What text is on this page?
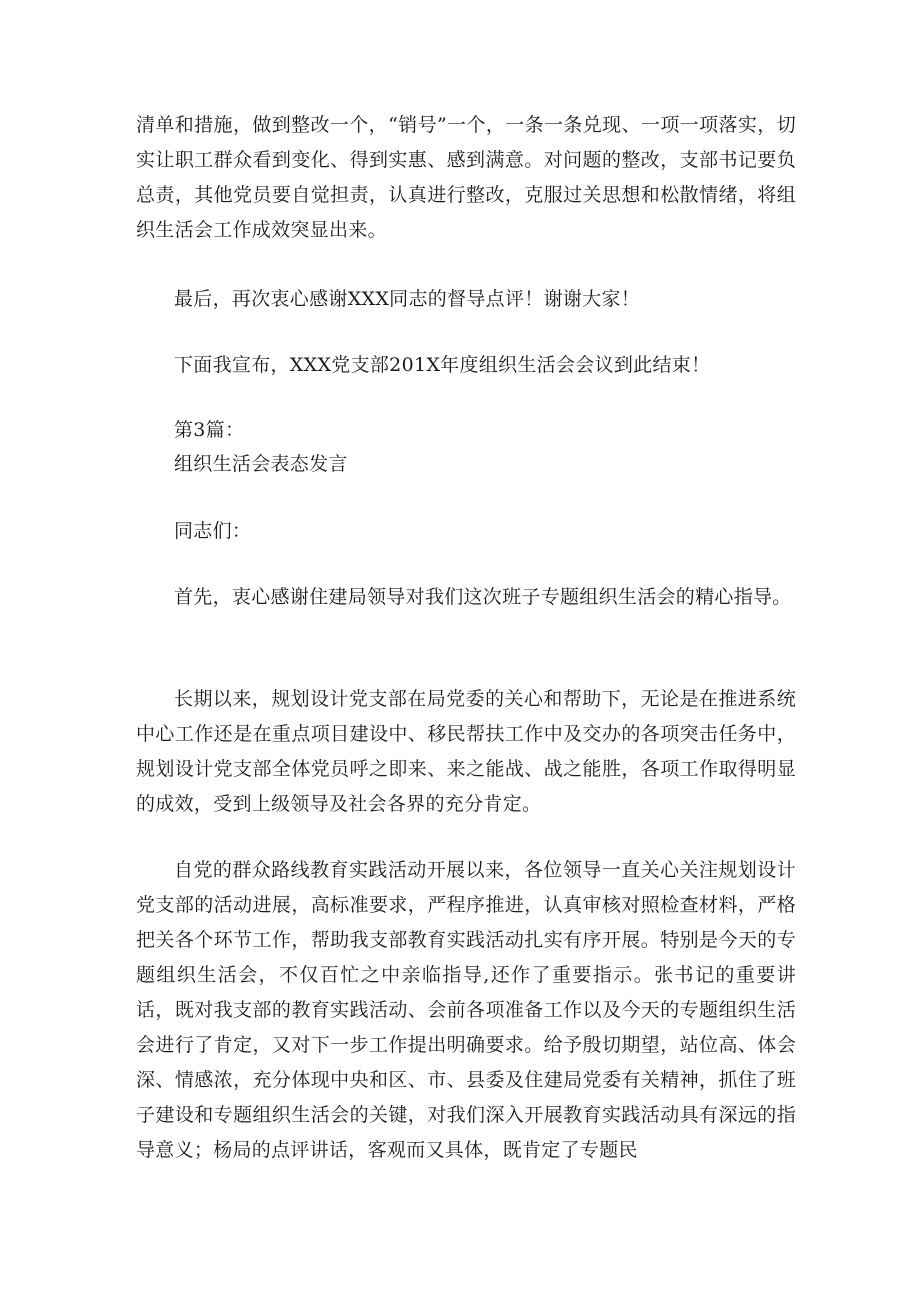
清单和措施，做到整改一个，“销号”一个，一条一条兑现、一项一项落实，切实让职工群众看到变化、得到实惠、感到满意。对问题的整改，支部书记要负总责，其他党员要自觉担责，认真进行整改，克服过关思想和松散情绪，将组织生活会工作成效突显出来。

最后，再次衷心感谢XXX同志的督导点评！谢谢大家！

下面我宣布，XXX党支部201X年度组织生活会会议到此结束！

第3篇：

组织生活会表态发言

同志们：

首先，衷心感谢住建局领导对我们这次班子专题组织生活会的精心指导。

长期以来，规划设计党支部在局党委的关心和帮助下，无论是在推进系统中心工作还是在重点项目建设中、移民帮扶工作中及交办的各项突击任务中，规划设计党支部全体党员呼之即来、来之能战、战之能胜，各项工作取得明显的成效，受到上级领导及社会各界的充分肯定。

自党的群众路线教育实践活动开展以来，各位领导一直关心关注规划设计党支部的活动进展，高标准要求，严程序推进，认真审核对照检查材料，严格把关各个环节工作，帮助我支部教育实践活动扎实有序开展。特别是今天的专题组织生活会，不仅百忙之中亲临指导,还作了重要指示。张书记的重要讲话，既对我支部的教育实践活动、会前各项准备工作以及今天的专题组织生活会进行了肯定，又对下一步工作提出明确要求。给予殷切期望，站位高、体会深、情感浓，充分体现中央和区、市、县委及住建局党委有关精神，抓住了班子建设和专题组织生活会的关键，对我们深入开展教育实践活动具有深远的指导意义；杨局的点评讲话，客观而又具体，既肯定了专题民
